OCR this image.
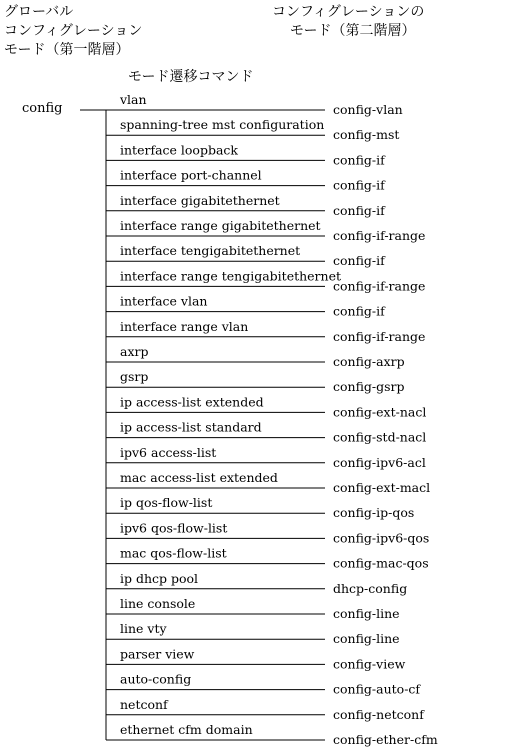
グローバル
コンフィグレーション
モード（第一階層）
コンフィグレーションの
モード（第二階層）
モード遷移コマンド
config
vlan
config-vlan
spanning-tree mst configuration
config-mst
interface loopback
config-if
interface port-channel
config-if
interface gigabitethernet
config-if
interface range gigabitethernet
config-if-range
interface tengigabitethernet
config-if
interface range tengigabitethernet
config-if-range
interface vlan
config-if
interface range vlan
config-if-range
axrp
config-axrp
gsrp
config-gsrp
ip access-list extended
config-ext-nacl
ip access-list standard
config-std-nacl
ipv6 access-list
config-ipv6-acl
mac access-list extended
config-ext-macl
ip qos-flow-list
config-ip-qos
ipv6 qos-flow-list
config-ipv6-qos
mac qos-flow-list
config-mac-qos
ip dhcp pool
dhcp-config
line console
config-line
line vty
config-line
parser view
config-view
auto-config
config-auto-cf
netconf
config-netconf
ethernet cfm domain
config-ether-cfm
